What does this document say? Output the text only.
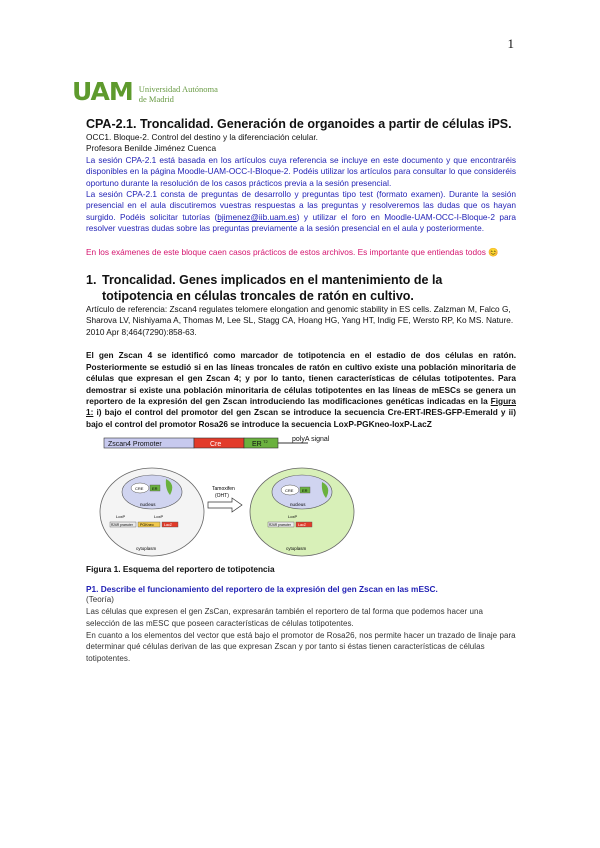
1
UAM Universidad Autónoma
de Madrid

CPA-2.1. Troncalidad. Generación de organoides a partir de células iPS.

OCC1. Bloque-2. Control del destino y la diferenciación celular.

Profesora Benilde Jiménez Cuenca

La sesión CPA-2.1 está basada en los artículos cuya referencia se incluye en este documento y que encontraréis disponibles en la página Moodle-UAM-OCC-I-Bloque-2. Podéis utilizar los artículos para consultar lo que consideréis oportuno durante la resolución de los casos prácticos previa a la sesión presencial.

La sesión CPA-2.1 consta de preguntas de desarrollo y preguntas tipo test (formato examen). Durante la sesión presencial en el aula discutiremos vuestras respuestas a las preguntas y resolveremos las dudas que os hayan surgido. Podéis solicitar tutorías (bjimenez@iib.uam.es) y utilizar el foro en Moodle-UAM-OCC-I-Bloque-2 para resolver vuestras dudas sobre las preguntas previamente a la sesión presencial en el aula y posteriormente.

En los exámenes de este bloque caen casos prácticos de estos archivos. Es importante que entiendas todos 😊

1. Troncalidad. Genes implicados en el mantenimiento de la totipotencia en células troncales de ratón en cultivo.

Artículo de referencia: Zscan4 regulates telomere elongation and genomic stability in ES cells. Zalzman M, Falco G, Sharova LV, Nishiyama A, Thomas M, Lee SL, Stagg CA, Hoang HG, Yang HT, Indig FE, Wersto RP, Ko MS. Nature. 2010 Apr 8;464(7290):858-63.

El gen Zscan 4 se identificó como marcador de totipotencia en el estadio de dos células en ratón. Posteriormente se estudió si en las líneas troncales de ratón en cultivo existe una población minoritaria de células que expresan el gen Zscan 4; y por lo tanto, tienen características de células totipotentes. Para demostrar si existe una población minoritaria de células totipotentes en las líneas de mESCs se genera un reportero de la expresión del gen Zscan introduciendo las modificaciones genéticas indicadas en la Figura 1: i) bajo el control del promotor del gen Zscan se introduce la secuencia Cre-ERT-IRES-GFP-Emerald y ii) bajo el control del promotor Rosa26 se introduce la secuencia LoxP-PGKneo-loxP-LacZ

Zscan4 Promoter	Cre	ER T2	polyA signal
CRE ER
nucleus
LoxP	LoxP
R26R promoter PGKneo	LacZ
cytoplasm
Tamoxifen
(OHT)
CRE ER
nucleus
LoxP
R26R promoter LacZ
cytoplasm
Figura 1. Esquema del reportero de totipotencia
P1. Describe el funcionamiento del reportero de la expresión del gen Zscan en las mESC.
(Teoría)
Las células que expresen el gen ZsCan, expresarán también el reportero de tal forma que podemos hacer una selección de las mESC que poseen características de células totipotentes.
En cuanto a los elementos del vector que está bajo el promotor de Rosa26, nos permite hacer un trazado de linaje para determinar qué células derivan de las que expresan Zscan y por tanto si éstas tienen características de células totipotentes.
